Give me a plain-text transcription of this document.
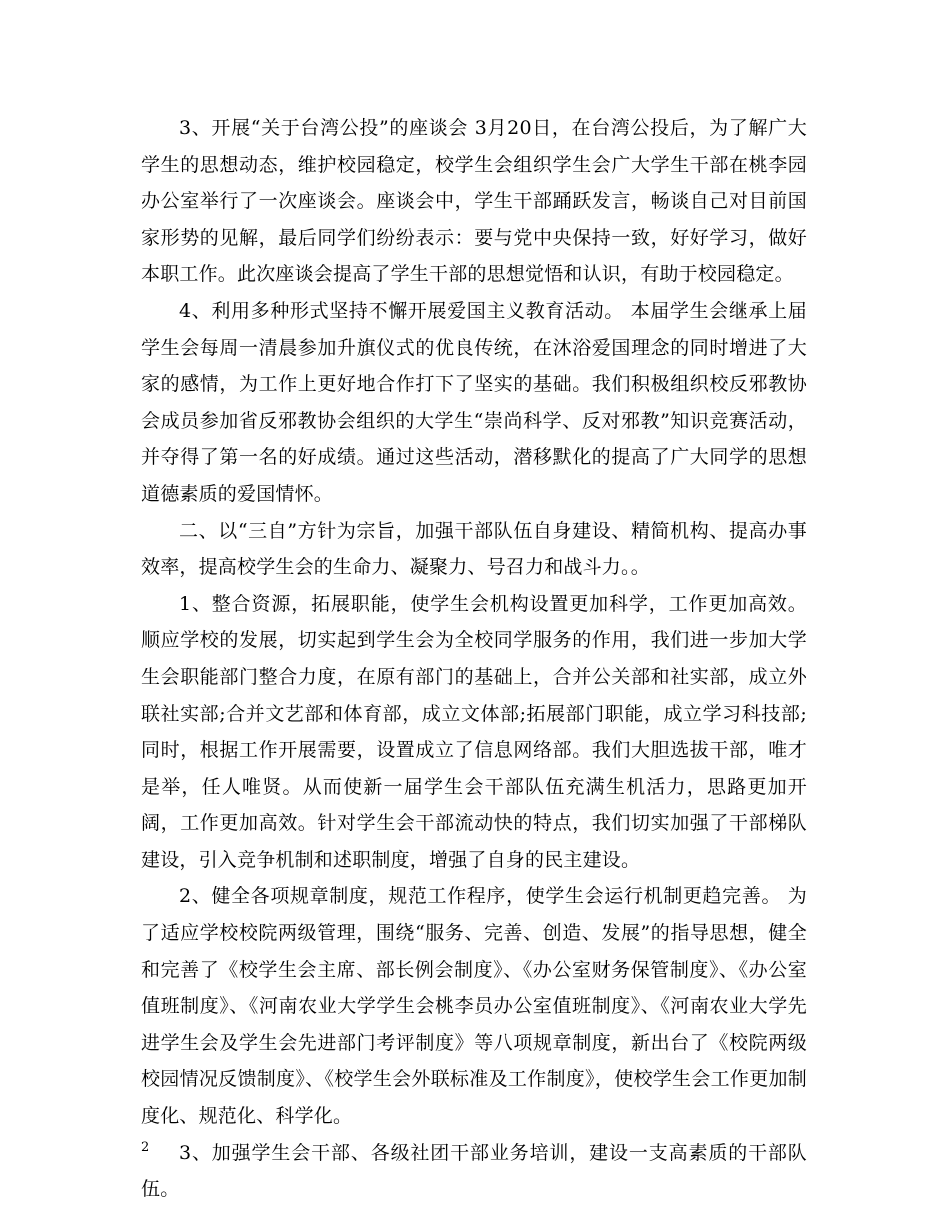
3、开展“关于台湾公投”的座谈会 3月20日，在台湾公投后，为了解广大学生的思想动态，维护校园稳定，校学生会组织学生会广大学生干部在桃李园办公室举行了一次座谈会。座谈会中，学生干部踊跃发言，畅谈自己对目前国家形势的见解，最后同学们纷纷表示：要与党中央保持一致，好好学习，做好本职工作。此次座谈会提高了学生干部的思想觉悟和认识，有助于校园稳定。

4、利用多种形式坚持不懈开展爱国主义教育活动。 本届学生会继承上届学生会每周一清晨参加升旗仪式的优良传统，在沐浴爱国理念的同时增进了大家的感情，为工作上更好地合作打下了坚实的基础。我们积极组织校反邪教协会成员参加省反邪教协会组织的大学生“崇尚科学、反对邪教”知识竞赛活动，并夺得了第一名的好成绩。通过这些活动，潜移默化的提高了广大同学的思想道德素质的爱国情怀。

二、以“三自”方针为宗旨，加强干部队伍自身建设、精简机构、提高办事效率，提高校学生会的生命力、凝聚力、号召力和战斗力。。

1、整合资源，拓展职能，使学生会机构设置更加科学，工作更加高效。 顺应学校的发展，切实起到学生会为全校同学服务的作用，我们进一步加大学生会职能部门整合力度，在原有部门的基础上，合并公关部和社实部，成立外联社实部;合并文艺部和体育部，成立文体部;拓展部门职能，成立学习科技部;同时，根据工作开展需要，设置成立了信息网络部。我们大胆选拔干部，唯才是举，任人唯贤。从而使新一届学生会干部队伍充满生机活力，思路更加开阔，工作更加高效。针对学生会干部流动快的特点，我们切实加强了干部梯队建设，引入竞争机制和述职制度，增强了自身的民主建设。

2、健全各项规章制度，规范工作程序，使学生会运行机制更趋完善。 为了适应学校校院两级管理，围绕“服务、完善、创造、发展”的指导思想，健全和完善了《校学生会主席、部长例会制度》、《办公室财务保管制度》、《办公室值班制度》、《河南农业大学学生会桃李员办公室值班制度》、《河南农业大学先进学生会及学生会先进部门考评制度》等八项规章制度，新出台了《校院两级校园情况反馈制度》、《校学生会外联标准及工作制度》，使校学生会工作更加制度化、规范化、科学化。

3、加强学生会干部、各级社团干部业务培训，建设一支高素质的干部队伍。

2
